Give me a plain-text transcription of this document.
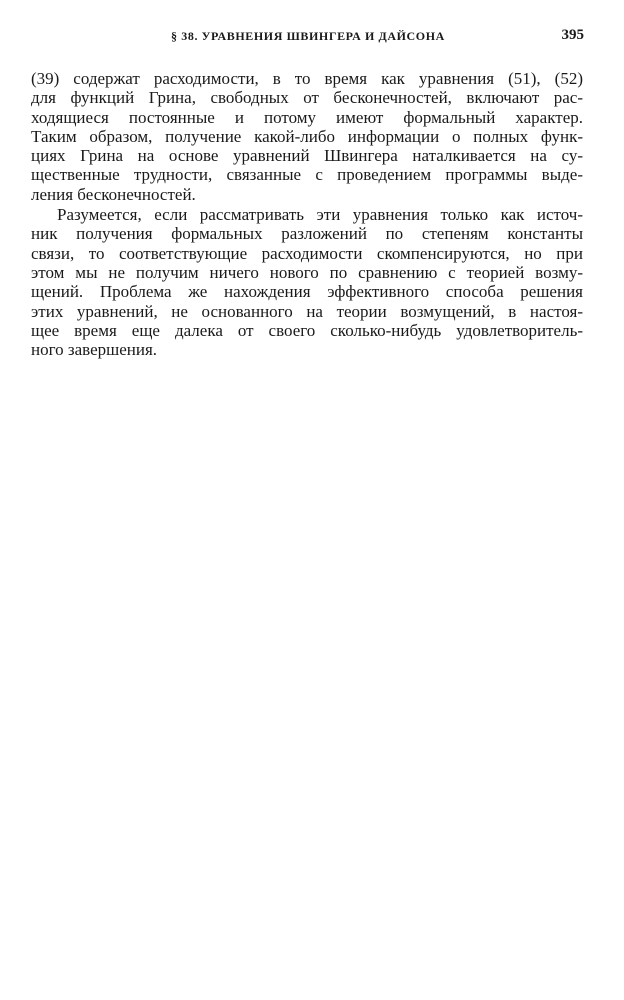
§ 38. УРАВНЕНИЯ ШВИНГЕРА И ДАЙСОНА	395
(39) содержат расходимости, в то время как уравнения (51), (52)
для функций Грина, свободных от бесконечностей, включают рас-
ходящиеся постоянные и потому имеют формальный характер.
Таким образом, получение какой-либо информации о полных функ-
циях Грина на основе уравнений Швингера наталкивается на су-
щественные трудности, связанные с проведением программы выде-
ления бесконечностей.
Разумеется, если рассматривать эти уравнения только как источ-
ник получения формальных разложений по степеням константы
связи, то соответствующие расходимости скомпенсируются, но при
этом мы не получим ничего нового по сравнению с теорией возму-
щений. Проблема же нахождения эффективного способа решения
этих уравнений, не основанного на теории возмущений, в настоя-
щее время еще далека от своего сколько-нибудь удовлетворитель-
ного завершения.
